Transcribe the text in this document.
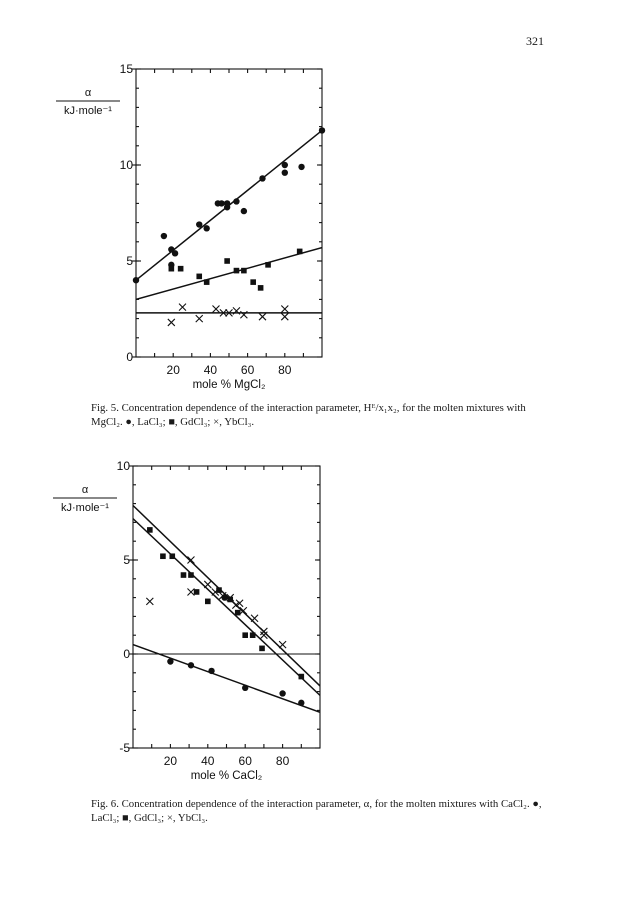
321
0
5
10
15
20 40 60 80
mole % MgCl₂
α
kJ·mole⁻¹
Fig. 5. Concentration dependence of the interaction parameter, Hᴱ/x₁x₂, for the molten mixtures with MgCl₂. ●, LaCl₃; ■, GdCl₃; ×, YbCl₃.
-5
0
5
10
20 40 60 80
mole % CaCl₂
α
kJ·mole⁻¹
Fig. 6. Concentration dependence of the interaction parameter, α, for the molten mixtures with CaCl₂. ●, LaCl₃; ■, GdCl₃; ×, YbCl₃.
